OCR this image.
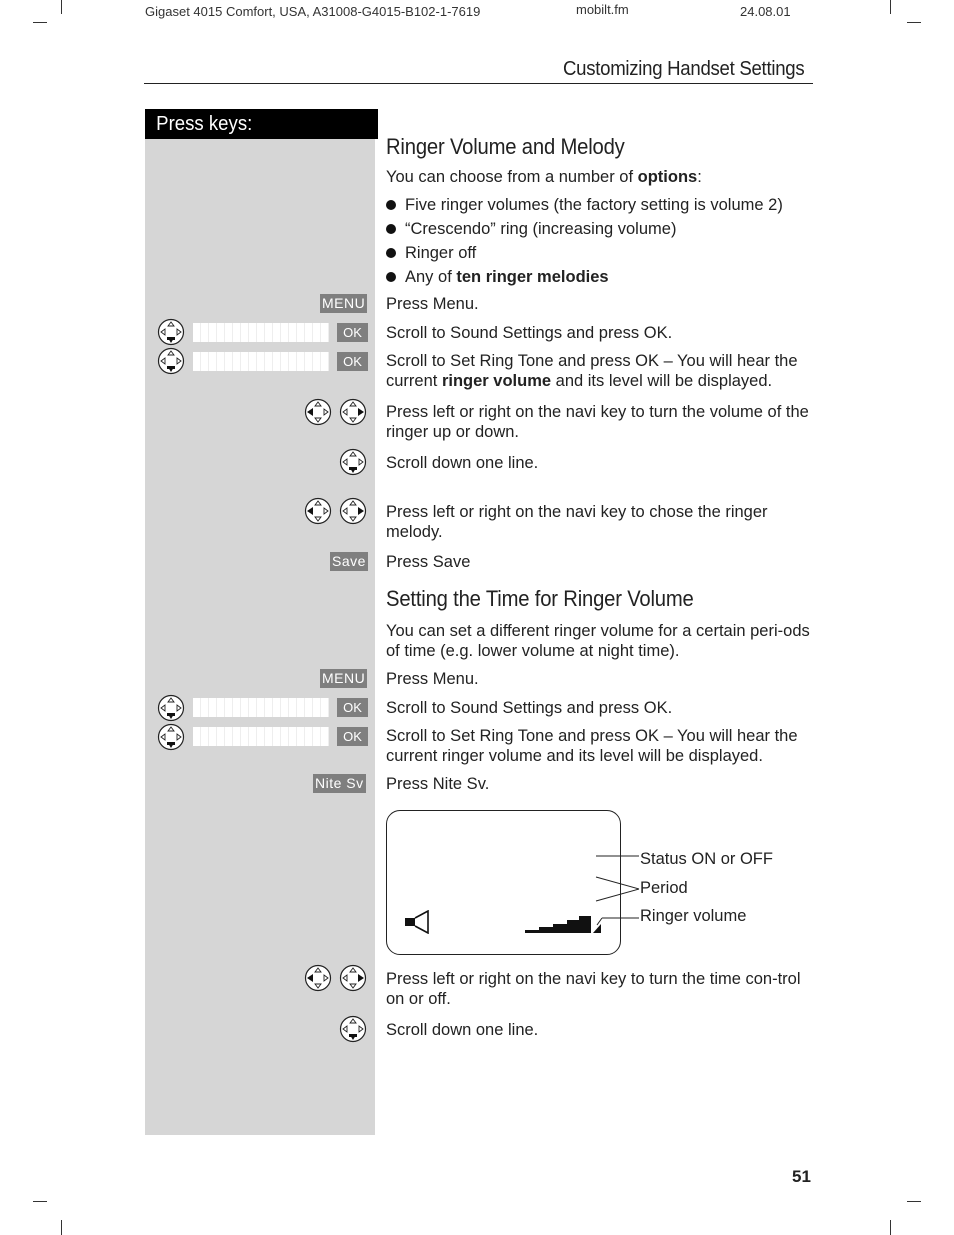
Gigaset 4015 Comfort, USA, A31008-G4015-B102-1-7619	mobilt.fm	24.08.01
Customizing Handset Settings
Press keys:
Ringer Volume and Melody
You can choose from a number of options:
Five ringer volumes (the factory setting is volume 2)
“Crescendo” ring (increasing volume)
Ringer off
Any of ten ringer melodies
MENU Press Menu.
OK	Scroll to Sound Settings and press OK.
OK	Scroll to Set Ring Tone and press OK – You will hear the current ringer volume and its level will be displayed.
Press left or right on the navi key to turn the volume of the ringer up or down.
Scroll down one line.
Press left or right on the navi key to chose the ringer melody.
Save Press Save
Setting the Time for Ringer Volume
You can set a different ringer volume for a certain peri-ods of time (e.g. lower volume at night time).
MENU Press Menu.
OK	Scroll to Sound Settings and press OK.
OK	Scroll to Set Ring Tone and press OK – You will hear the current ringer volume and its level will be displayed.
Nite Sv Press Nite Sv.
Status ON or OFF
Period
Ringer volume
Press left or right on the navi key to turn the time con-trol on or off.
Scroll down one line.
51
